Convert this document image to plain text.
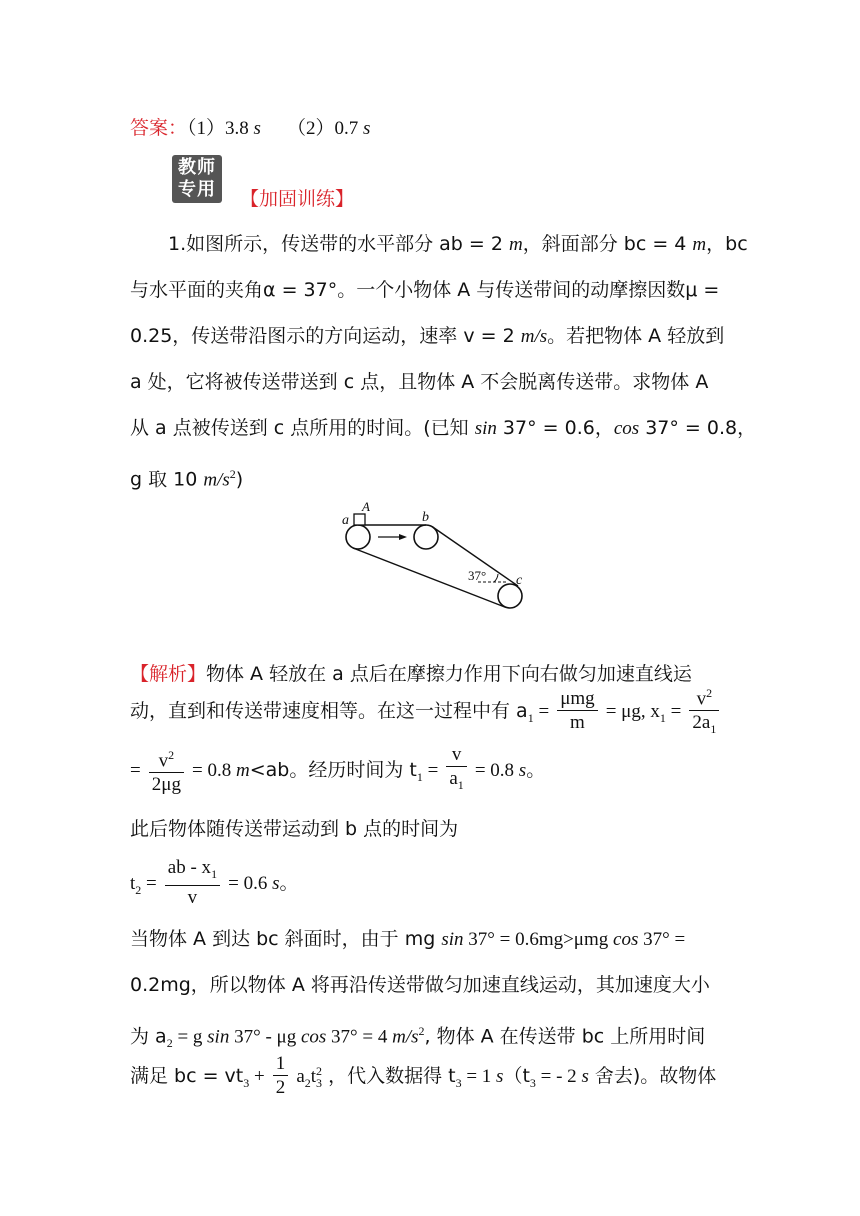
答案：（1）3.8 s （2）0.7 s
教师
专用	【加固训练】
1.如图所示，传送带的水平部分 ab = 2 m，斜面部分 bc = 4 m，bc
与水平面的夹角α = 37°。一个小物体 A 与传送带间的动摩擦因数μ =
0.25，传送带沿图示的方向运动，速率 v = 2 m/s。若把物体 A 轻放到
a 处，它将被传送带送到 c 点，且物体 A 不会脱离传送带。求物体 A
从 a 点被传送到 c 点所用的时间。(已知 sin 37° = 0.6，cos 37° = 0.8，
g 取 10 $m/s^2$)
a
A
b
c
37°
【解析】物体 A 轻放在 a 点后在摩擦力作用下向右做匀加速直线运
动，直到和传送带速度相等。在这一过程中有 $a_1 = \frac{\text{μmg}}{m} = \mu g$, $x_1 = \frac{v^2}{2a_1}$
= $\frac{v^2}{2\mu g} = 0.8$ m<ab。经历时间为 $t_1 = \frac{v}{a_1} = 0.8$ s。
此后物体随传送带运动到 b 点的时间为
$t_2 = \frac{ab - x_1}{v} = 0.6$ s。
当物体 A 到达 bc 斜面时，由于 mg sin 37° = 0.6mg>μmg cos 37° =
0.2mg，所以物体 A 将再沿传送带做匀加速直线运动，其加速度大小
为 $a_2 = g$ sin 37° - μg cos 37° = 4 $m/s^2$, 物体 A 在传送带 bc 上所用时间
满足 bc = $vt_3 + \frac{1}{2} a_2t$ 2
3 ，代入数据得 $t_3 = 1$ $s(t_3$ = - 2 s 舍去)。故物体
